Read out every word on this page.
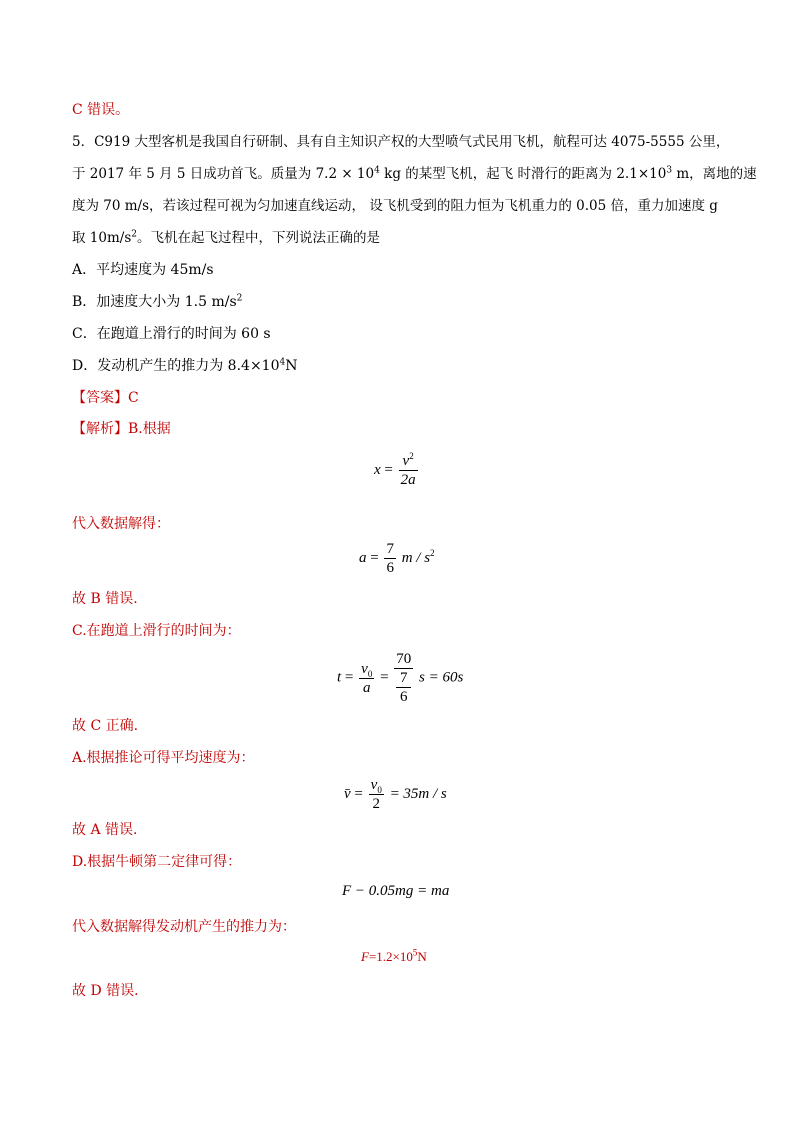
C 错误。
5．C919 大型客机是我国自行研制、具有自主知识产权的大型喷气式民用飞机，航程可达 4075-5555 公里，
于 2017 年 5 月 5 日成功首飞。质量为 $7.2 \times 10^4$ kg 的某型飞机，起飞 时滑行的距离为 $2.1\times 10^3$ m，离地的速
度为 70 m/s，若该过程可视为匀加速直线运动， 设飞机受到的阻力恒为飞机重力的 0.05 倍，重力加速度 g
取 $10m/s^2$。飞机在起飞过程中，下列说法正确的是
A．平均速度为 45m/s
B．加速度大小为 1.5 $m/s^2$
C．在跑道上滑行的时间为 60 s
D．发动机产生的推力为 $8.4\times 10^4N$
【答案】C
【解析】B.根据
$x = \frac{v^2}{2a}$
代入数据解得：
$a = \frac{7}{6}$ m / $s^2$
故 B 错误.
C.在跑道上滑行的时间为：
$t = \frac{v_0}{a} = 70$
7
6 s = 60s
故 C 正确.
A.根据推论可得平均速度为：
v̄ = $\frac{v_0}{2} = 35m / s$
故 A 错误.
D.根据牛顿第二定律可得：
F − 0.05mg = ma
代入数据解得发动机产生的推力为：
$F=1.2\times 10^5N$
故 D 错误.
